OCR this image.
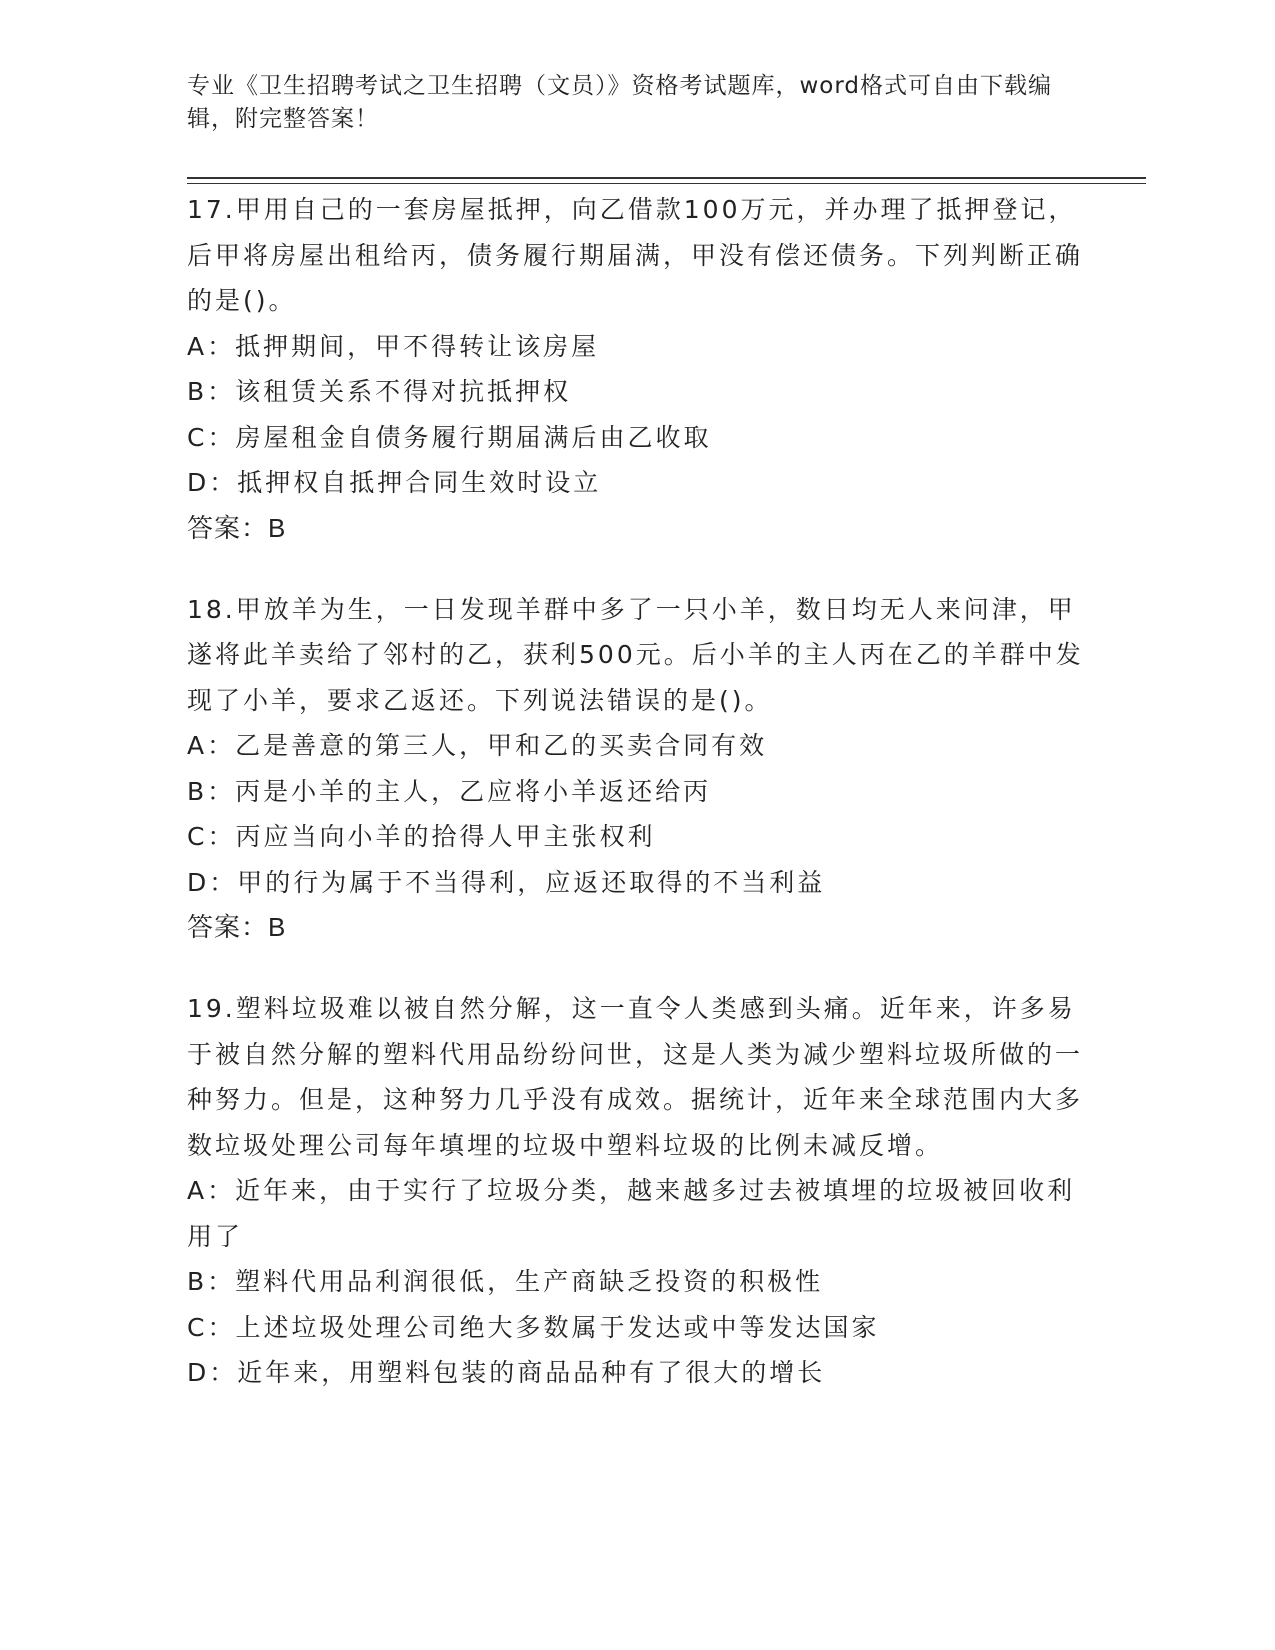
专业《卫生招聘考试之卫生招聘（文员）》资格考试题库，word格式可自由下载编辑，附完整答案！
17.甲用自己的一套房屋抵押，向乙借款100万元，并办理了抵押登记，后甲将房屋出租给丙，债务履行期届满，甲没有偿还债务。下列判断正确的是()。
A：抵押期间，甲不得转让该房屋
B：该租赁关系不得对抗抵押权
C：房屋租金自债务履行期届满后由乙收取
D：抵押权自抵押合同生效时设立
答案：B
18.甲放羊为生，一日发现羊群中多了一只小羊，数日均无人来问津，甲遂将此羊卖给了邻村的乙，获利500元。后小羊的主人丙在乙的羊群中发现了小羊，要求乙返还。下列说法错误的是()。
A：乙是善意的第三人，甲和乙的买卖合同有效
B：丙是小羊的主人，乙应将小羊返还给丙
C：丙应当向小羊的拾得人甲主张权利
D：甲的行为属于不当得利，应返还取得的不当利益
答案：B
19.塑料垃圾难以被自然分解，这一直令人类感到头痛。近年来，许多易于被自然分解的塑料代用品纷纷问世，这是人类为减少塑料垃圾所做的一种努力。但是，这种努力几乎没有成效。据统计，近年来全球范围内大多数垃圾处理公司每年填埋的垃圾中塑料垃圾的比例未减反增。
A：近年来，由于实行了垃圾分类，越来越多过去被填埋的垃圾被回收利用了
B：塑料代用品利润很低，生产商缺乏投资的积极性
C：上述垃圾处理公司绝大多数属于发达或中等发达国家
D：近年来，用塑料包装的商品品种有了很大的增长
